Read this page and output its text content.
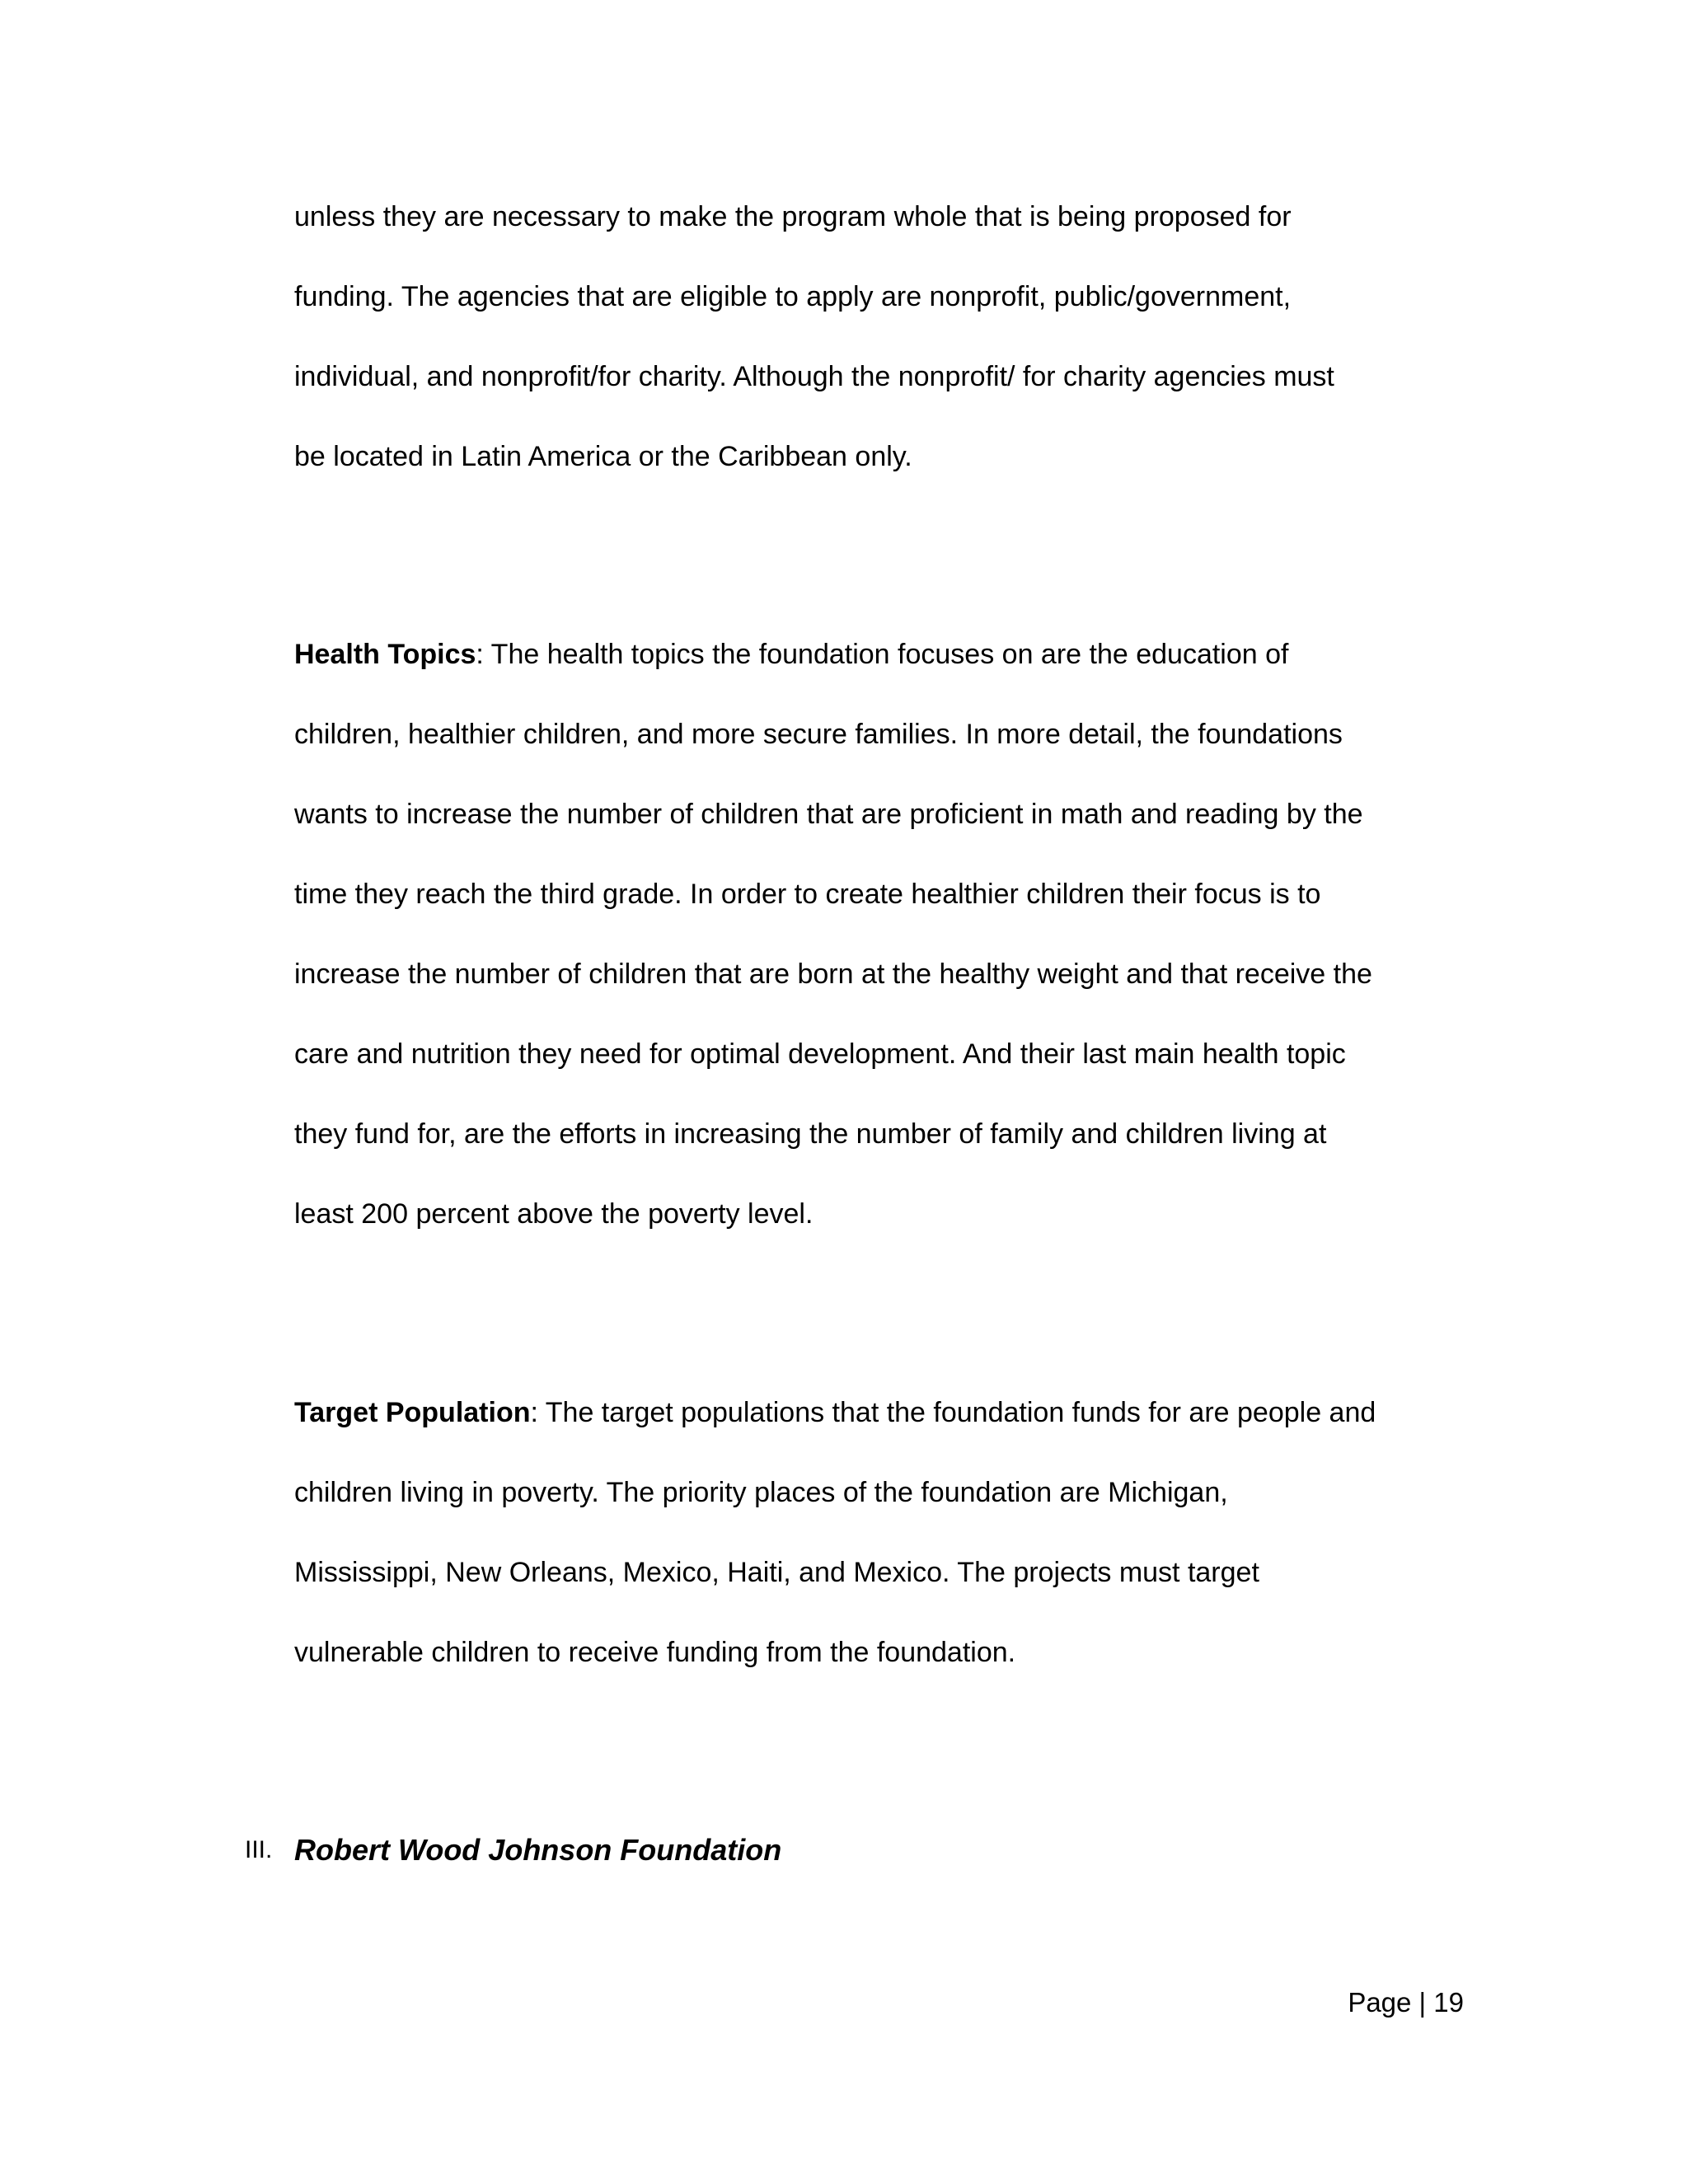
unless they are necessary to make the program whole that is being proposed for
funding. The agencies that are eligible to apply are nonprofit, public/government,
individual, and nonprofit/for charity. Although the nonprofit/ for charity agencies must
be located in Latin America or the Caribbean only.
Health Topics: The health topics the foundation focuses on are the education of
children, healthier children, and more secure families. In more detail, the foundations
wants to increase the number of children that are proficient in math and reading by the
time they reach the third grade. In order to create healthier children their focus is to
increase the number of children that are born at the healthy weight and that receive the
care and nutrition they need for optimal development. And their last main health topic
they fund for, are the efforts in increasing the number of family and children living at
least 200 percent above the poverty level.
Target Population: The target populations that the foundation funds for are people and
children living in poverty. The priority places of the foundation are Michigan,
Mississippi, New Orleans, Mexico, Haiti, and Mexico. The projects must target
vulnerable children to receive funding from the foundation.
III. Robert Wood Johnson Foundation
Page | 19
